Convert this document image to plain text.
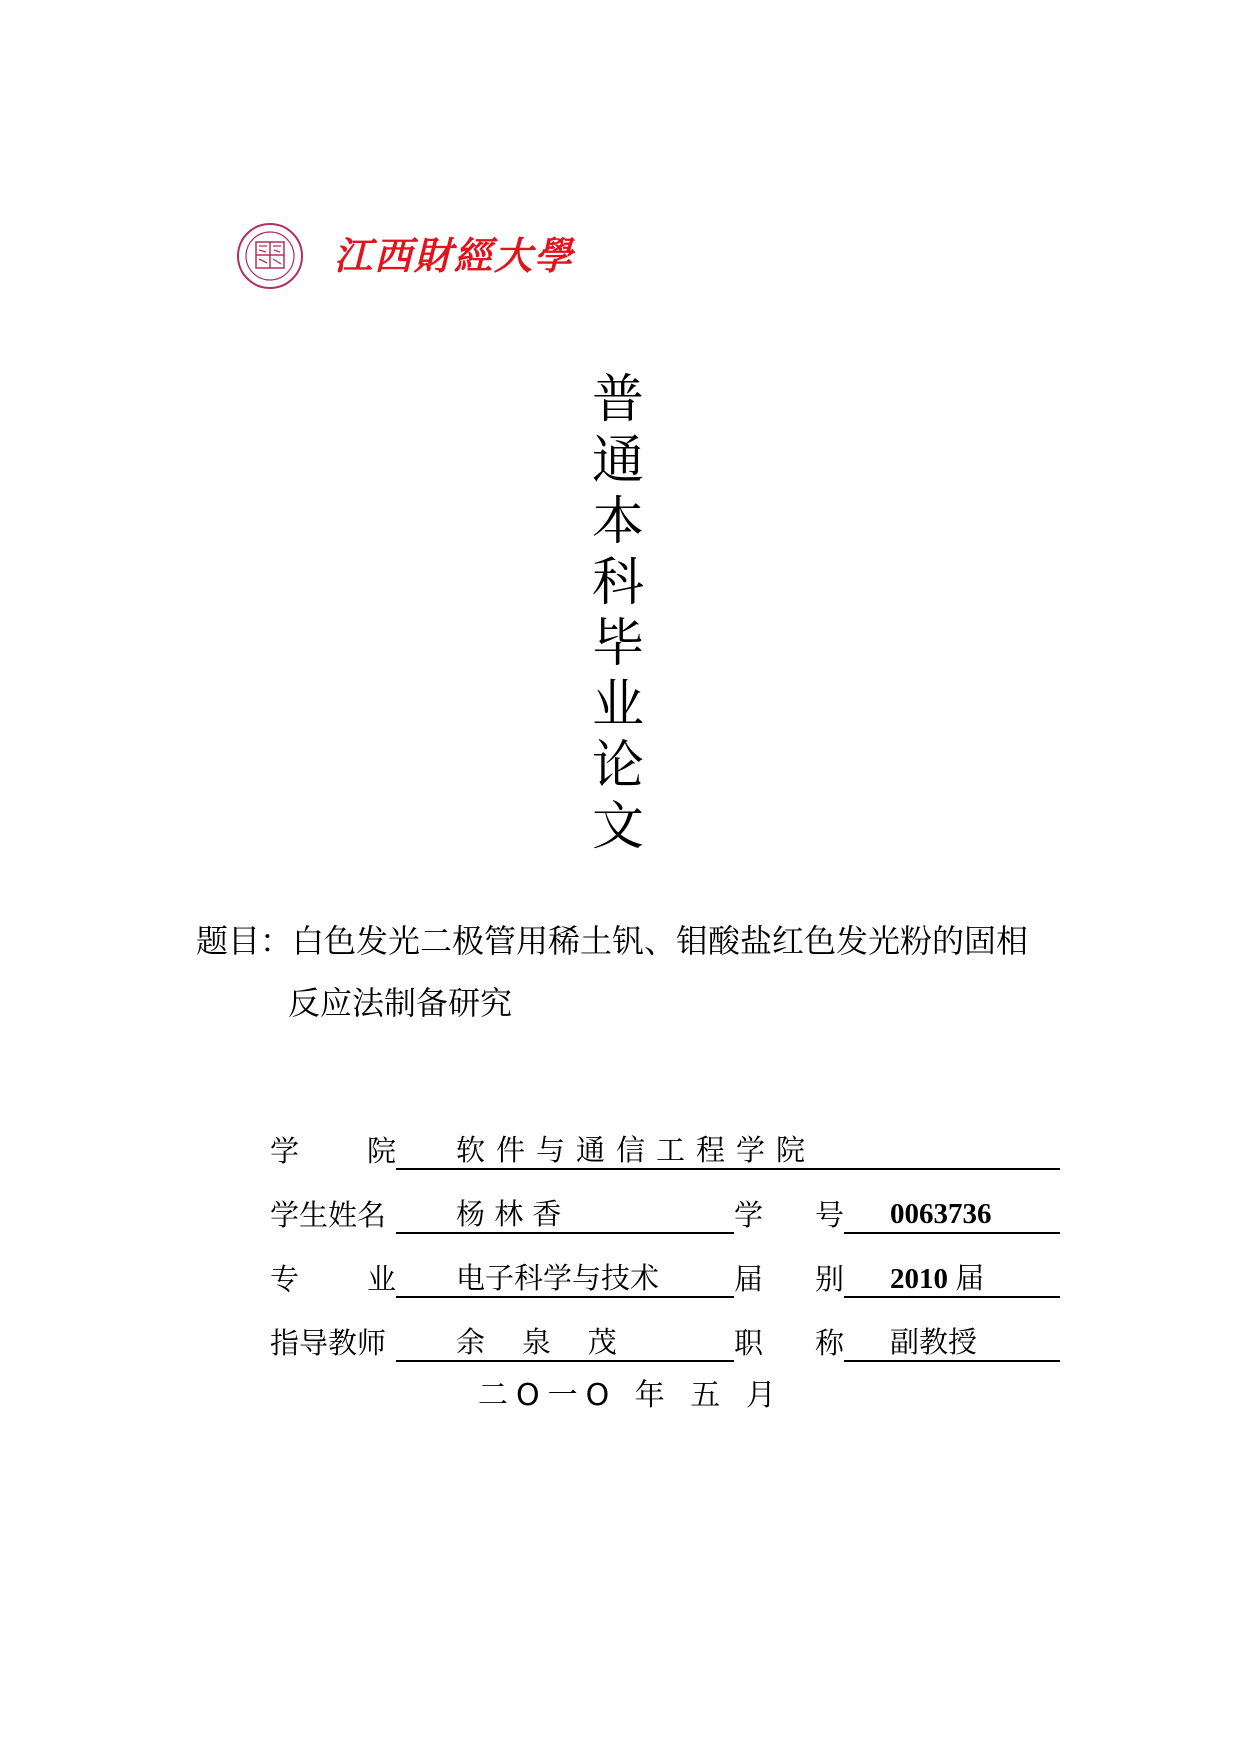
江西財經大學
普
通
本
科
毕
业
论
文
题目：白色发光二极管用稀土钒、钼酸盐红色发光粉的固相
反应法制备研究
学 院	软件与通信工程学院
学生姓名	杨 林 香	学 号	0063736
专 业	电子科学与技术	届 别	2010 届
指导教师	余    泉    茂	职 称	副教授
二O一O 年 五 月
